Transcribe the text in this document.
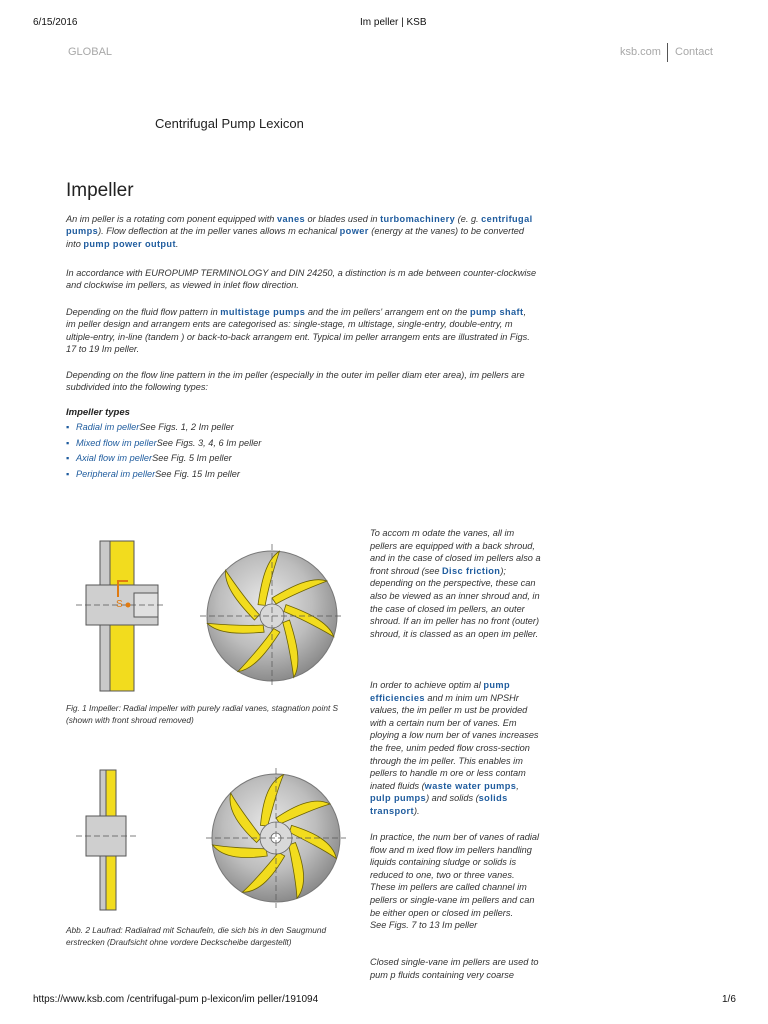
6/15/2016	Im peller | KSB
GLOBAL	ksb.com Contact
Centrifugal Pump Lexicon
Impeller
An im peller is a rotating com ponent equipped with vanes or blades used in turbomachinery (e. g. centrifugal pumps). Flow deflection at the im peller vanes allows m echanical power (energy at the vanes) to be converted into pump power output.
In accordance with EUROPUMP TERMINOLOGY and DIN 24250, a distinction is m ade between counter-clockwise and clockwise im pellers, as viewed in inlet flow direction.
Depending on the fluid flow pattern in multistage pumps and the im pellers' arrangem ent on the pump shaft, im peller design and arrangem ents are categorised as: single-stage, m ultistage, single-entry, double-entry, m ultiple-entry, in-line (tandem ) or back-to-back arrangem ent. Typical im peller arrangem ents are illustrated in Figs. 17 to 19 Im peller.
Depending on the flow line pattern in the im peller (especially in the outer im peller diam eter area), im pellers are subdivided into the following types:
Impeller types
▪ Radial im pellerSee Figs. 1, 2 Im peller
▪ Mixed flow im pellerSee Figs. 3, 4, 6 Im peller
▪ Axial flow im pellerSee Fig. 5 Im peller
▪ Peripheral im pellerSee Fig. 15 Im peller
S
Fig. 1 Impeller: Radial impeller with purely radial vanes, stagnation point S (shown with front shroud removed)
Abb. 2 Laufrad: Radialrad mit Schaufeln, die sich bis in den Saugmund erstrecken (Draufsicht ohne vordere Deckscheibe dargestellt)
To accom m odate the vanes, all im pellers are equipped with a back shroud, and in the case of closed im pellers also a front shroud (see Disc friction); depending on the perspective, these can also be viewed as an inner shroud and, in the case of closed im pellers, an outer shroud. If an im peller has no front (outer) shroud, it is classed as an open im peller.
In order to achieve optim al pump efficiencies and m inim um NPSHr values, the im peller m ust be provided with a certain num ber of vanes. Em ploying a low num ber of vanes increases the free, unim peded flow cross-section through the im peller. This enables im pellers to handle m ore or less contam inated fluids (waste water pumps, pulp pumps) and solids (solids transport).
In practice, the num ber of vanes of radial flow and m ixed flow im pellers handling liquids containing sludge or solids is reduced to one, two or three vanes. These im pellers are called channel im pellers or single-vane im pellers and can be either open or closed im pellers.
See Figs. 7 to 13 Im peller
Closed single-vane im pellers are used to pum p fluids containing very coarse
https://www.ksb.com /centrifugal-pum p-lexicon/im peller/191094	1/6
